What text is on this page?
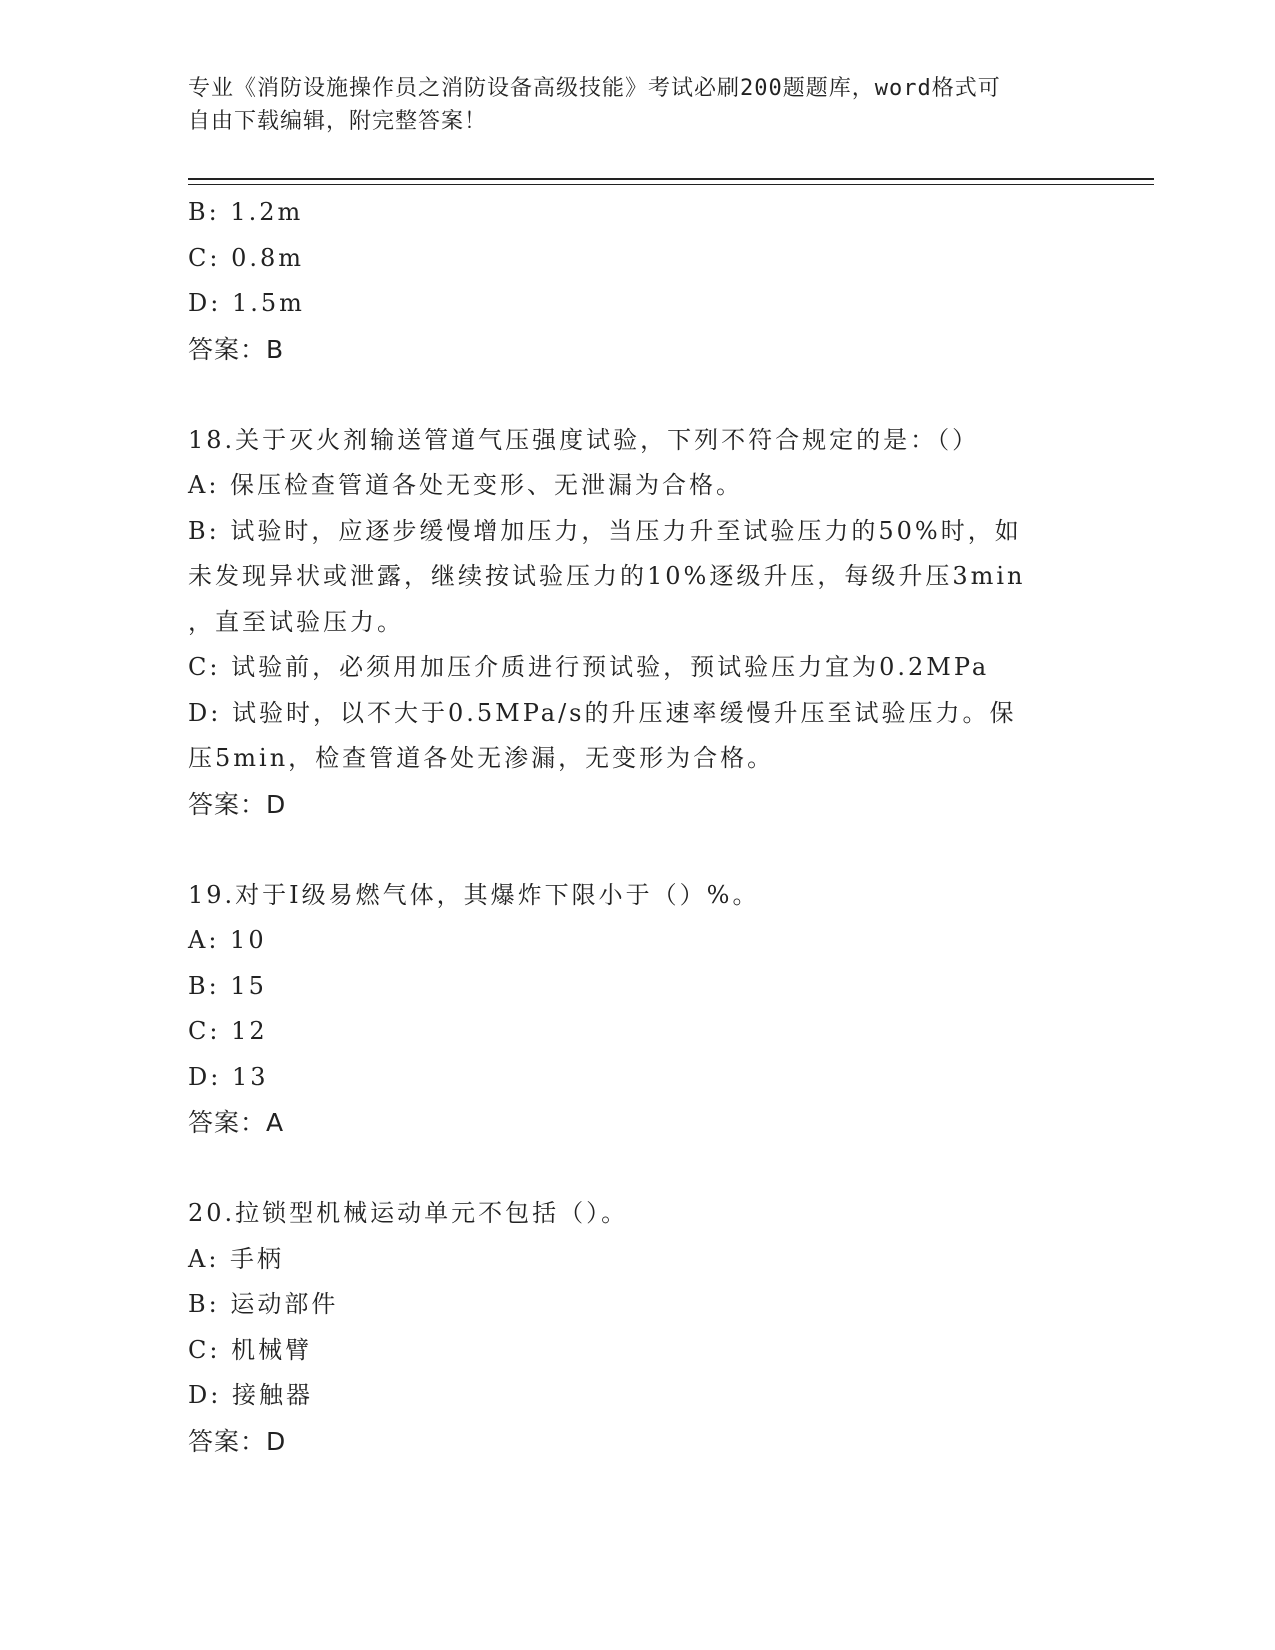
专业《消防设施操作员之消防设备高级技能》考试必刷200题题库，word格式可
自由下载编辑，附完整答案！
B: 1.2m
C: 0.8m
D: 1.5m
答案：B
18.关于灭火剂输送管道气压强度试验，下列不符合规定的是：（）
A: 保压检查管道各处无变形、无泄漏为合格。
B: 试验时，应逐步缓慢增加压力，当压力升至试验压力的50%时，如
未发现异状或泄露，继续按试验压力的10%逐级升压，每级升压3min
，直至试验压力。
C: 试验前，必须用加压介质进行预试验，预试验压力宜为0.2MPa
D: 试验时，以不大于0.5MPa/s的升压速率缓慢升压至试验压力。保
压5min，检查管道各处无渗漏，无变形为合格。
答案：D
19.对于Ⅰ级易燃气体，其爆炸下限小于（）%。
A: 10
B: 15
C: 12
D: 13
答案：A
20.拉锁型机械运动单元不包括（）。
A: 手柄
B: 运动部件
C: 机械臂
D: 接触器
答案：D
